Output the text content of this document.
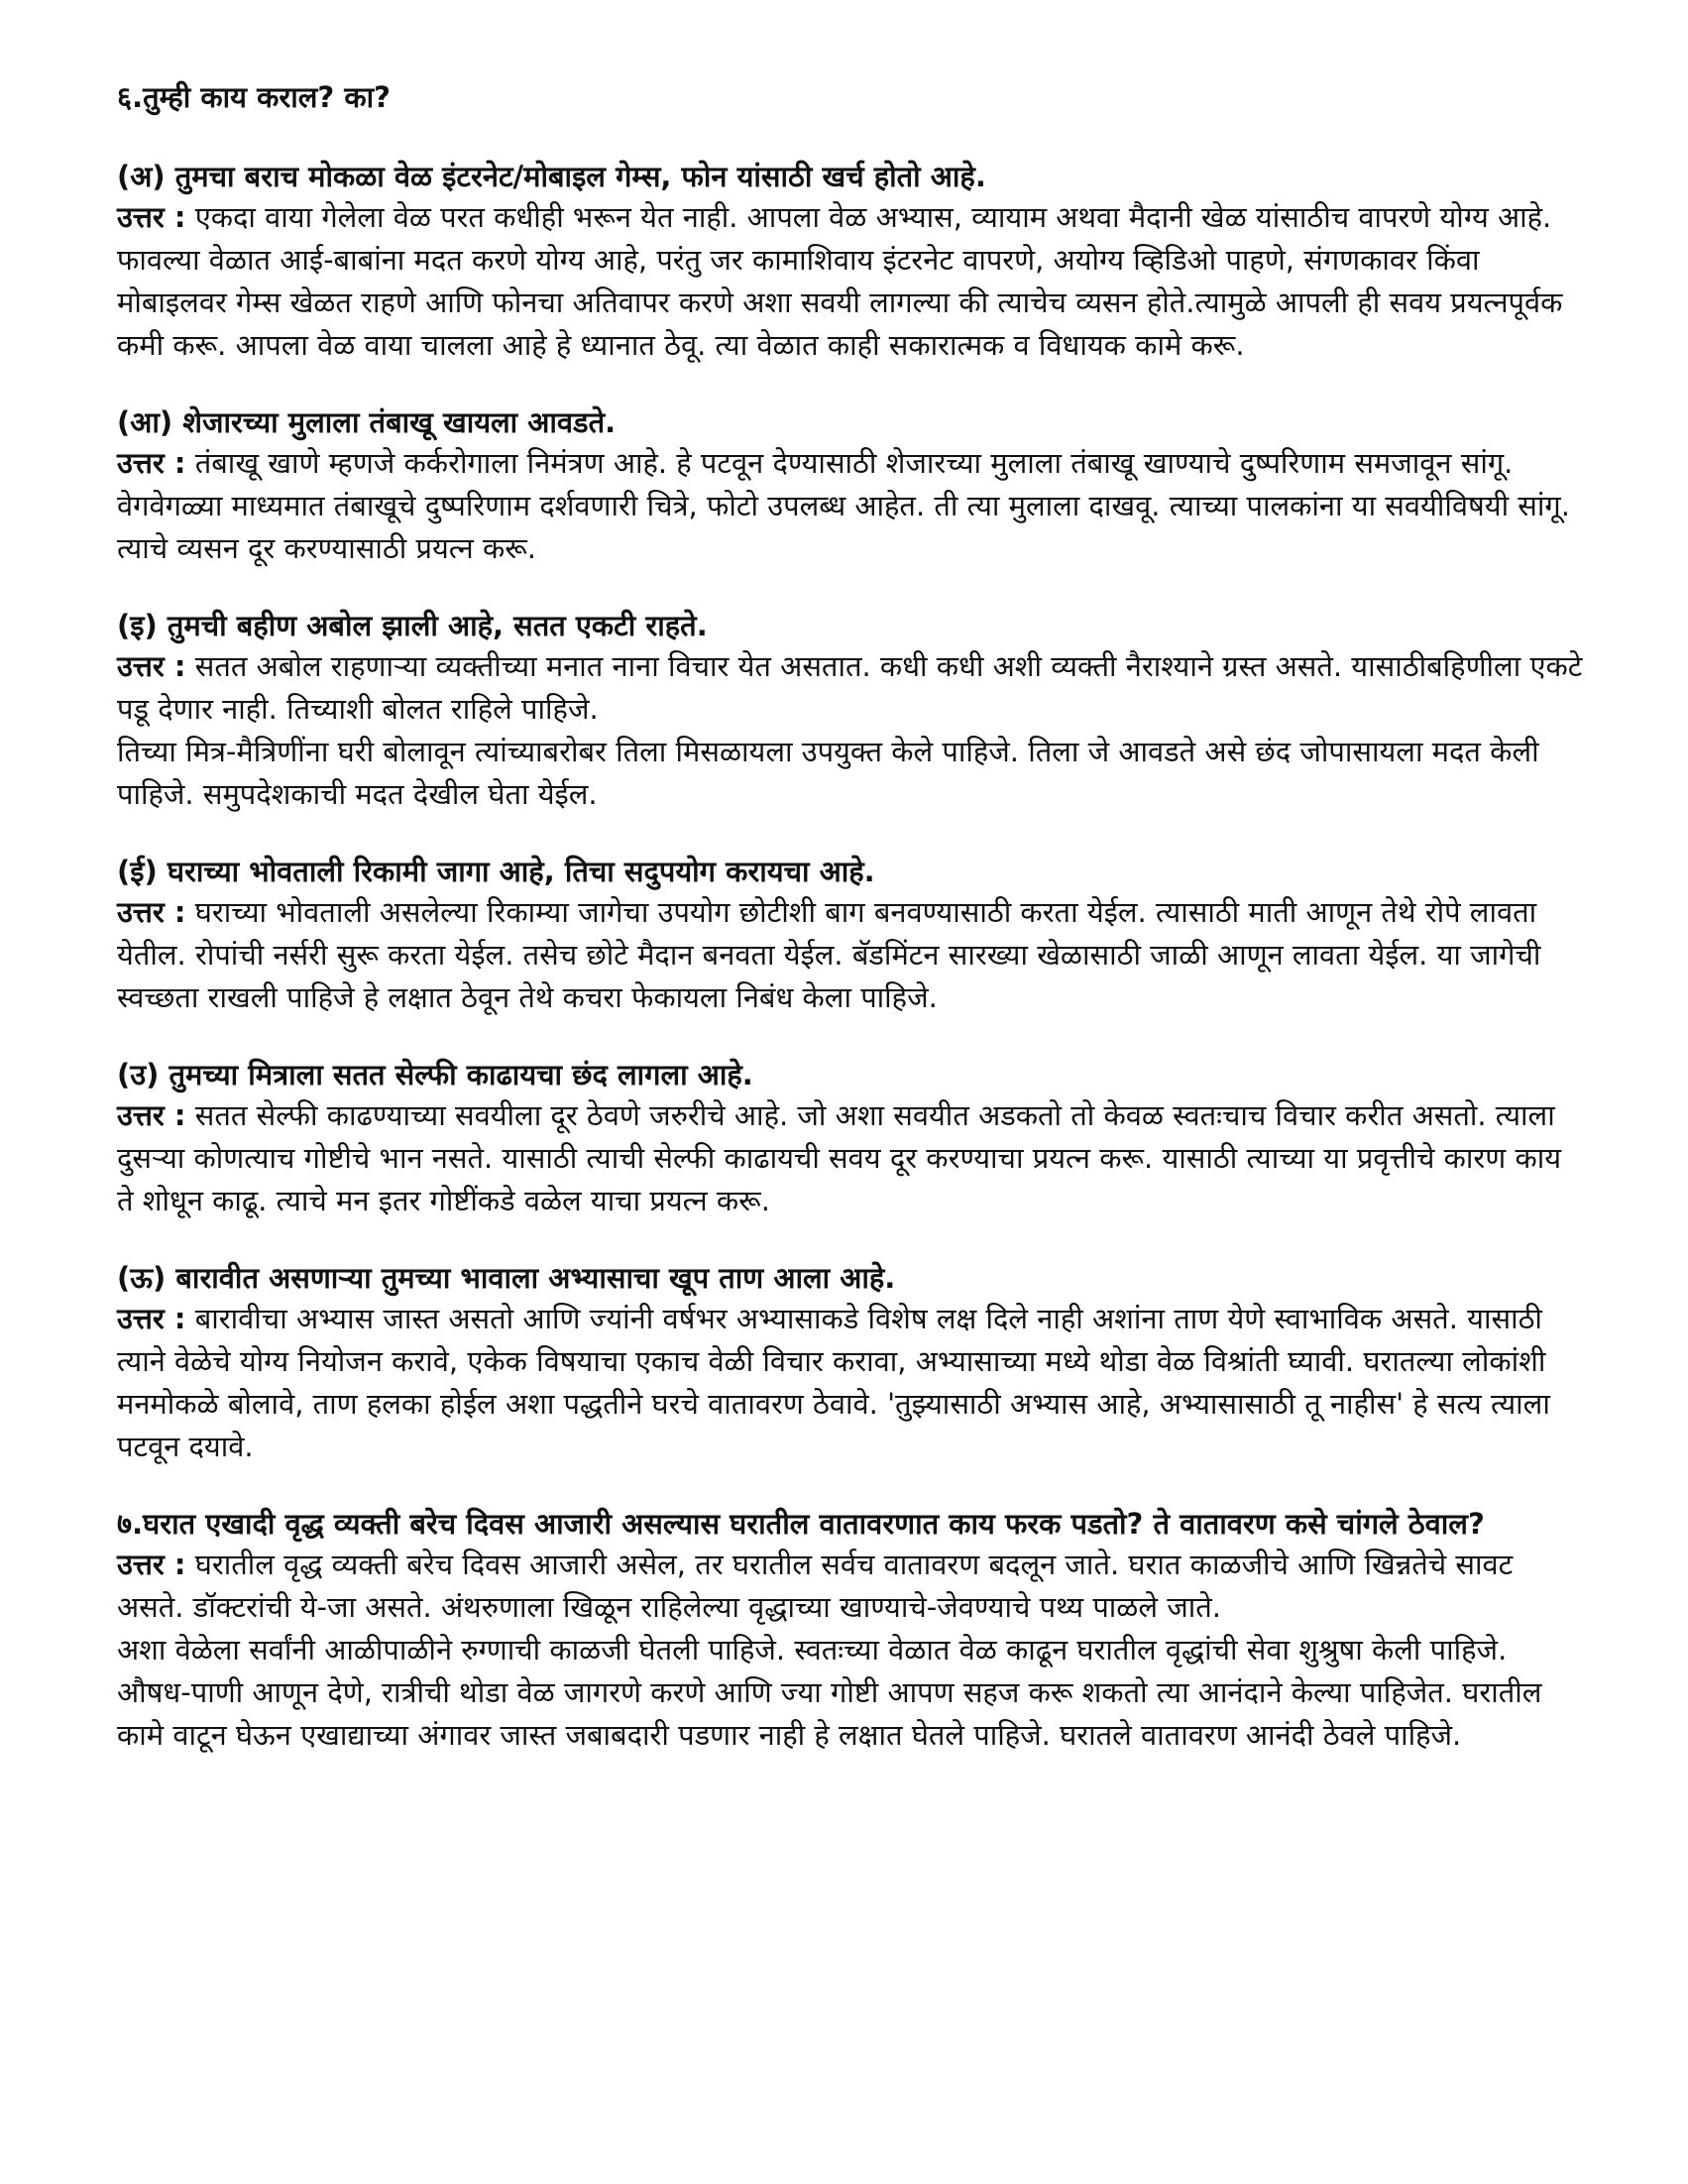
६.तुम्ही काय कराल? का?

(अ) तुमचा बराच मोकळा वेळ इंटरनेट/मोबाइल गेम्स, फोन यांसाठी खर्च होतो आहे.

उत्तर : एकदा वाया गेलेला वेळ परत कधीही भरून येत नाही. आपला वेळ अभ्यास, व्यायाम अथवा मैदानी खेळ यांसाठीच वापरणे योग्य आहे. फावल्या वेळात आई-बाबांना मदत करणे योग्य आहे, परंतु जर कामाशिवाय इंटरनेट वापरणे, अयोग्य व्हिडिओ पाहणे, संगणकावर किंवा मोबाइलवर गेम्स खेळत राहणे आणि फोनचा अतिवापर करणे अशा सवयी लागल्या की त्याचेच व्यसन होते.त्यामुळे आपली ही सवय प्रयत्नपूर्वक कमी करू. आपला वेळ वाया चालला आहे हे ध्यानात ठेवू. त्या वेळात काही सकारात्मक व विधायक कामे करू.

(आ) शेजारच्या मुलाला तंबाखू खायला आवडते.

उत्तर : तंबाखू खाणे म्हणजे कर्करोगाला निमंत्रण आहे. हे पटवून देण्यासाठी शेजारच्या मुलाला तंबाखू खाण्याचे दुष्परिणाम समजावून सांगू. वेगवेगळ्या माध्यमात तंबाखूचे दुष्परिणाम दर्शवणारी चित्रे, फोटो उपलब्ध आहेत. ती त्या मुलाला दाखवू. त्याच्या पालकांना या सवयीविषयी सांगू. त्याचे व्यसन दूर करण्यासाठी प्रयत्न करू.

(इ) तुमची बहीण अबोल झाली आहे, सतत एकटी राहते.

उत्तर : सतत अबोल राहणाऱ्या व्यक्तीच्या मनात नाना विचार येत असतात. कधी कधी अशी व्यक्ती नैराश्याने ग्रस्त असते. यासाठीबहिणीला एकटे पडू देणार नाही. तिच्याशी बोलत राहिले पाहिजे.

तिच्या मित्र-मैत्रिणींना घरी बोलावून त्यांच्याबरोबर तिला मिसळायला उपयुक्त केले पाहिजे. तिला जे आवडते असे छंद जोपासायला मदत केली पाहिजे. समुपदेशकाची मदत देखील घेता येईल.

(ई) घराच्या भोवताली रिकामी जागा आहे, तिचा सदुपयोग करायचा आहे.

उत्तर : घराच्या भोवताली असलेल्या रिकाम्या जागेचा उपयोग छोटीशी बाग बनवण्यासाठी करता येईल. त्यासाठी माती आणून तेथे रोपे लावता येतील. रोपांची नर्सरी सुरू करता येईल. तसेच छोटे मैदान बनवता येईल. बॅडमिंटन सारख्या खेळासाठी जाळी आणून लावता येईल. या जागेची स्वच्छता राखली पाहिजे हे लक्षात ठेवून तेथे कचरा फेकायला निबंध केला पाहिजे.

(उ) तुमच्या मित्राला सतत सेल्फी काढायचा छंद लागला आहे.

उत्तर : सतत सेल्फी काढण्याच्या सवयीला दूर ठेवणे जरुरीचे आहे. जो अशा सवयीत अडकतो तो केवळ स्वतःचाच विचार करीत असतो. त्याला दुसऱ्या कोणत्याच गोष्टीचे भान नसते. यासाठी त्याची सेल्फी काढायची सवय दूर करण्याचा प्रयत्न करू. यासाठी त्याच्या या प्रवृत्तीचे कारण काय ते शोधून काढू. त्याचे मन इतर गोष्टींकडे वळेल याचा प्रयत्न करू.

(ऊ) बारावीत असणाऱ्या तुमच्या भावाला अभ्यासाचा खूप ताण आला आहे.

उत्तर : बारावीचा अभ्यास जास्त असतो आणि ज्यांनी वर्षभर अभ्यासाकडे विशेष लक्ष दिले नाही अशांना ताण येणे स्वाभाविक असते. यासाठी त्याने वेळेचे योग्य नियोजन करावे, एकेक विषयाचा एकाच वेळी विचार करावा, अभ्यासाच्या मध्ये थोडा वेळ विश्रांती घ्यावी. घरातल्या लोकांशी मनमोकळे बोलावे, ताण हलका होईल अशा पद्धतीने घरचे वातावरण ठेवावे. 'तुझ्यासाठी अभ्यास आहे, अभ्यासासाठी तू नाहीस' हे सत्य त्याला पटवून दयावे.

७.घरात एखादी वृद्ध व्यक्ती बरेच दिवस आजारी असल्यास घरातील वातावरणात काय फरक पडतो? ते वातावरण कसे चांगले ठेवाल?

उत्तर : घरातील वृद्ध व्यक्ती बरेच दिवस आजारी असेल, तर घरातील सर्वच वातावरण बदलून जाते. घरात काळजीचे आणि खिन्नतेचे सावट असते. डॉक्टरांची ये-जा असते. अंथरुणाला खिळून राहिलेल्या वृद्धाच्या खाण्याचे-जेवण्याचे पथ्य पाळले जाते.

अशा वेळेला सर्वांनी आळीपाळीने रुग्णाची काळजी घेतली पाहिजे. स्वतःच्या वेळात वेळ काढून घरातील वृद्धांची सेवा शुश्रुषा केली पाहिजे. औषध-पाणी आणून देणे, रात्रीची थोडा वेळ जागरणे करणे आणि ज्या गोष्टी आपण सहज करू शकतो त्या आनंदाने केल्या पाहिजेत. घरातील कामे वाटून घेऊन एखाद्याच्या अंगावर जास्त जबाबदारी पडणार नाही हे लक्षात घेतले पाहिजे. घरातले वातावरण आनंदी ठेवले पाहिजे.
